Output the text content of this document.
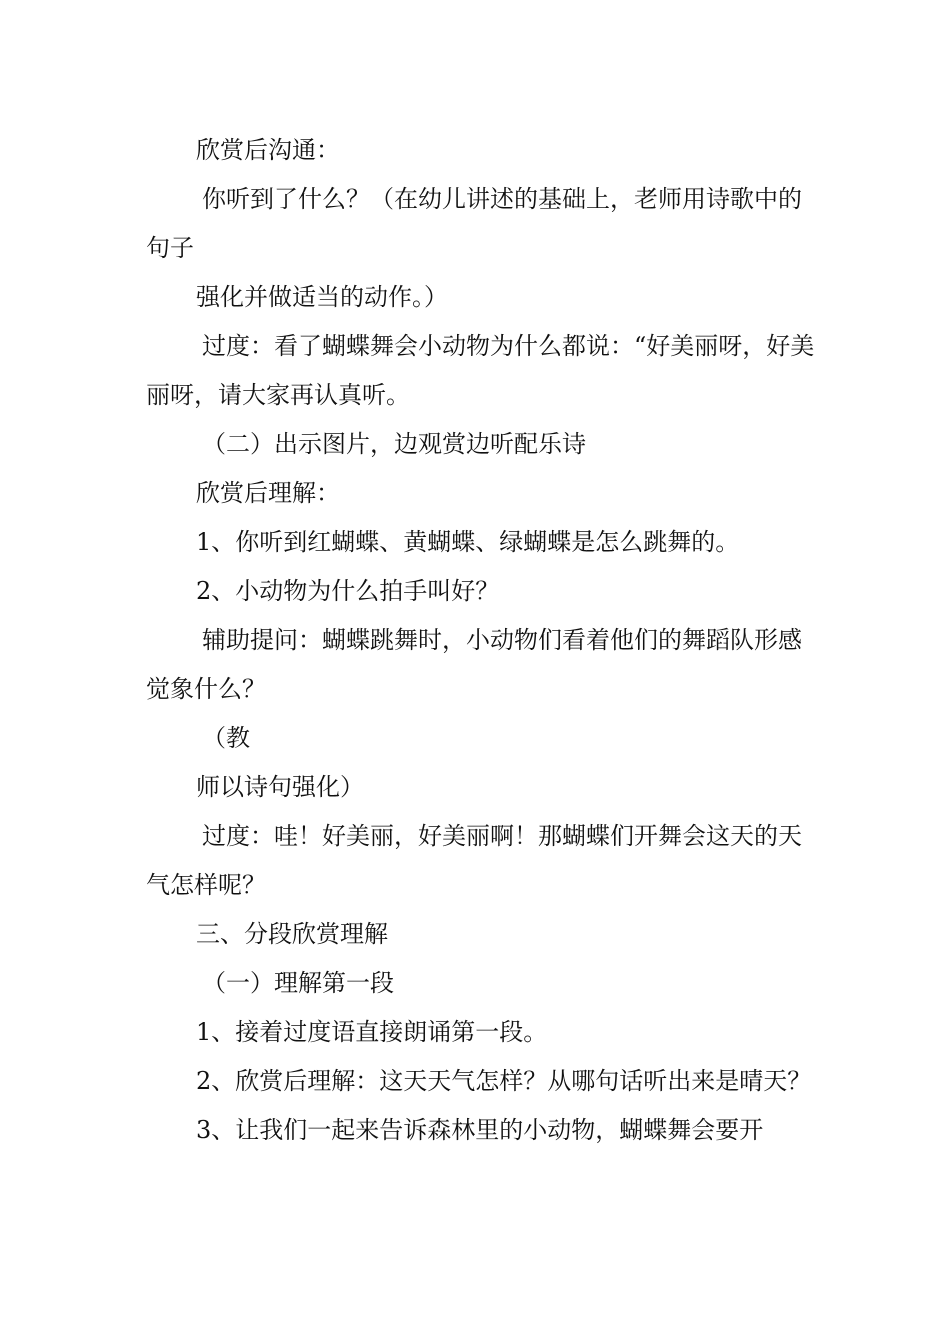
欣赏后沟通：

你听到了什么？（在幼儿讲述的基础上，老师用诗歌中的句子

强化并做适当的动作。）

过度：看了蝴蝶舞会小动物为什么都说：“好美丽呀，好美丽呀，请大家再认真听。

（二）出示图片，边观赏边听配乐诗

欣赏后理解：

1、你听到红蝴蝶、黄蝴蝶、绿蝴蝶是怎么跳舞的。

2、小动物为什么拍手叫好？

辅助提问：蝴蝶跳舞时，小动物们看着他们的舞蹈队形感觉象什么？

（教

师以诗句强化）

过度：哇！好美丽，好美丽啊！那蝴蝶们开舞会这天的天气怎样呢？

三、分段欣赏理解

（一）理解第一段

1、接着过度语直接朗诵第一段。

2、欣赏后理解：这天天气怎样？从哪句话听出来是晴天？

3、让我们一起来告诉森林里的小动物，蝴蝶舞会要开
